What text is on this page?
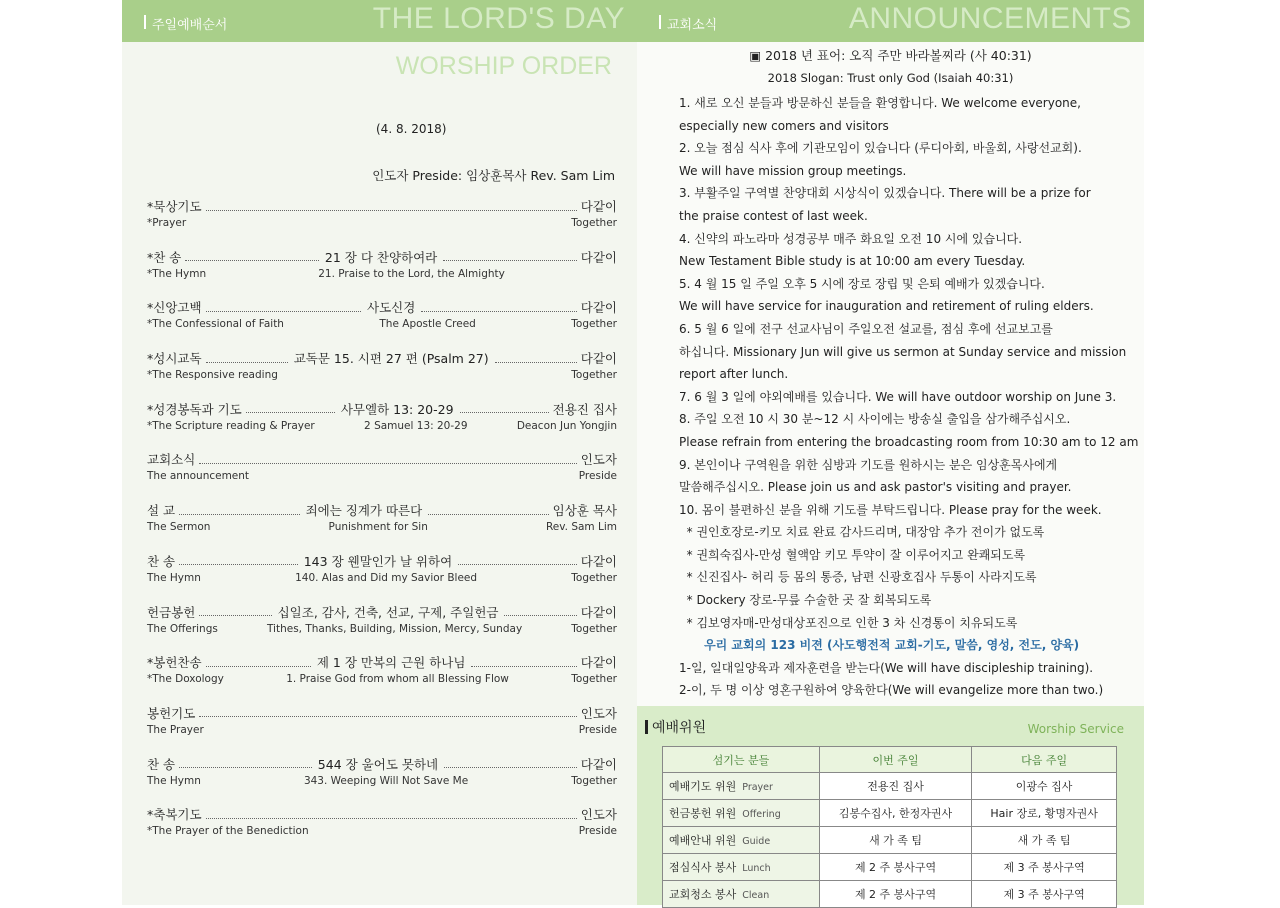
주일예배순서	THE LORD'S DAY
WORSHIP ORDER
(4. 8. 2018)
인도자 Preside: 임상훈목사 Rev. Sam Lim
*묵상기도	다같이
*Prayer	Together
*찬 송	21 장 다 찬양하여라	다같이
*The Hymn	21. Praise to the Lord, the Almighty
*신앙고백	사도신경	다같이
*The Confessional of Faith	The Apostle Creed	Together
*성시교독	교독문 15. 시편 27 편 (Psalm 27)	다같이
*The Responsive reading	Together
*성경봉독과 기도	사무엘하 13: 20-29	전용진 집사
*The Scripture reading & Prayer	2 Samuel 13: 20-29	Deacon Jun Yongjin
교회소식	인도자
The announcement	Preside
설 교	죄에는 징계가 따른다	임상훈 목사
The Sermon	Punishment for Sin	Rev. Sam Lim
찬 송	143 장 웬말인가 날 위하여	다같이
The Hymn	140. Alas and Did my Savior Bleed	Together
헌금봉헌	십일조, 감사, 건축, 선교, 구제, 주일헌금	다같이
The Offerings	Tithes, Thanks, Building, Mission, Mercy, Sunday	Together
*봉헌찬송	제 1 장 만복의 근원 하나님	다같이
*The Doxology	1. Praise God from whom all Blessing Flow	Together
봉헌기도	인도자
The Prayer	Preside
찬 송	544 장 울어도 못하네	다같이
The Hymn	343. Weeping Will Not Save Me	Together
*축복기도	인도자
*The Prayer of the Benediction	Preside
교회소식	ANNOUNCEMENTS
▣ 2018 년 표어: 오직 주만 바라볼찌라 (사 40:31)
2018 Slogan: Trust only God (Isaiah 40:31)
1. 새로 오신 분들과 방문하신 분들을 환영합니다. We welcome everyone,
especially new comers and visitors
2. 오늘 점심 식사 후에 기관모임이 있습니다 (루디아회, 바울회, 사랑선교회).
We will have mission group meetings.
3. 부활주일 구역별 찬양대회 시상식이 있겠습니다. There will be a prize for
the praise contest of last week.
4. 신약의 파노라마 성경공부 매주 화요일 오전 10 시에 있습니다.
New Testament Bible study is at 10:00 am every Tuesday.
5. 4 월 15 일 주일 오후 5 시에 장로 장립 및 은퇴 예배가 있겠습니다.
We will have service for inauguration and retirement of ruling elders.
6. 5 월 6 일에 전구 선교사님이 주일오전 설교를, 점심 후에 선교보고를
하십니다. Missionary Jun will give us sermon at Sunday service and mission
report after lunch.
7. 6 월 3 일에 야외예배를 있습니다. We will have outdoor worship on June 3.
8. 주일 오전 10 시 30 분~12 시 사이에는 방송실 출입을 삼가해주십시오.
Please refrain from entering the broadcasting room from 10:30 am to 12 am
9. 본인이나 구역원을 위한 심방과 기도를 원하시는 분은 임상훈목사에게
말씀해주십시오. Please join us and ask pastor's visiting and prayer.
10. 몸이 불편하신 분을 위해 기도를 부탁드립니다. Please pray for the week.
* 권인호장로-키모 치료 완료 감사드리며, 대장암 추가 전이가 없도록
* 권희숙집사-만성 혈액암 키모 투약이 잘 이루어지고 완쾌되도록
* 신진집사- 허리 등 몸의 통증, 남편 신광호집사 두통이 사라지도록
* Dockery 장로-무릎 수술한 곳 잘 회복되도록
* 김보영자매-만성대상포진으로 인한 3 차 신경통이 치유되도록
우리 교회의 123 비젼 (사도행전적 교회-기도, 말씀, 영성, 전도, 양육)
1-일, 일대일양육과 제자훈련을 받는다(We will have discipleship training).
2-이, 두 명 이상 영혼구원하여 양육한다(We will evangelize more than two.)
예배위원	Worship Service
섬기는 분들	이번 주일	다음 주일
예배기도 위원 Prayer	전용진 집사	이광수 집사
헌금봉헌 위원 Offering	김봉수집사, 한정자권사	Hair 장로, 황명자권사
예배안내 위원 Guide	새 가 족 팀	새 가 족 팀
점심식사 봉사 Lunch	제 2 주 봉사구역	제 3 주 봉사구역
교회청소 봉사 Clean	제 2 주 봉사구역	제 3 주 봉사구역
